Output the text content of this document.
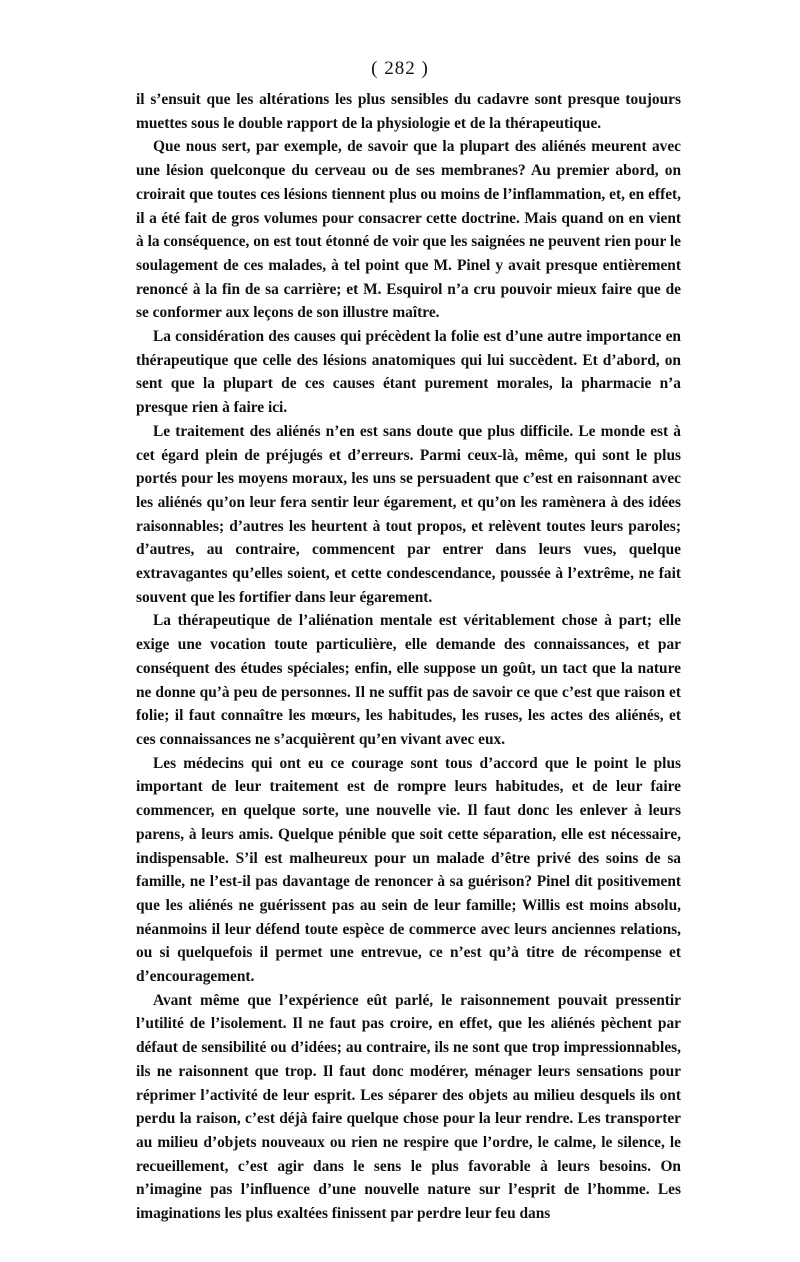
( 282 )

il s’ensuit que les altérations les plus sensibles du cadavre sont presque toujours muettes sous le double rapport de la physiologie et de la thérapeutique.

Que nous sert, par exemple, de savoir que la plupart des aliénés meurent avec une lésion quelconque du cerveau ou de ses membranes? Au premier abord, on croirait que toutes ces lésions tiennent plus ou moins de l’inflammation, et, en effet, il a été fait de gros volumes pour consacrer cette doctrine. Mais quand on en vient à la conséquence, on est tout étonné de voir que les saignées ne peuvent rien pour le soulagement de ces malades, à tel point que M. Pinel y avait presque entièrement renoncé à la fin de sa carrière; et M. Esquirol n’a cru pouvoir mieux faire que de se conformer aux leçons de son illustre maître.

La considération des causes qui précèdent la folie est d’une autre importance en thérapeutique que celle des lésions anatomiques qui lui succèdent. Et d’abord, on sent que la plupart de ces causes étant purement morales, la pharmacie n’a presque rien à faire ici.

Le traitement des aliénés n’en est sans doute que plus difficile. Le monde est à cet égard plein de préjugés et d’erreurs. Parmi ceux-là, même, qui sont le plus portés pour les moyens moraux, les uns se persuadent que c’est en raisonnant avec les aliénés qu’on leur fera sentir leur égarement, et qu’on les ramènera à des idées raisonnables; d’autres les heurtent à tout propos, et relèvent toutes leurs paroles; d’autres, au contraire, commencent par entrer dans leurs vues, quelque extravagantes qu’elles soient, et cette condescendance, poussée à l’extrême, ne fait souvent que les fortifier dans leur égarement.

La thérapeutique de l’aliénation mentale est véritablement chose à part; elle exige une vocation toute particulière, elle demande des connaissances, et par conséquent des études spéciales; enfin, elle suppose un goût, un tact que la nature ne donne qu’à peu de personnes. Il ne suffit pas de savoir ce que c’est que raison et folie; il faut connaître les mœurs, les habitudes, les ruses, les actes des aliénés, et ces connaissances ne s’acquièrent qu’en vivant avec eux.

Les médecins qui ont eu ce courage sont tous d’accord que le point le plus important de leur traitement est de rompre leurs habitudes, et de leur faire commencer, en quelque sorte, une nouvelle vie. Il faut donc les enlever à leurs parens, à leurs amis. Quelque pénible que soit cette séparation, elle est nécessaire, indispensable. S’il est malheureux pour un malade d’être privé des soins de sa famille, ne l’est-il pas davantage de renoncer à sa guérison? Pinel dit positivement que les aliénés ne guérissent pas au sein de leur famille; Willis est moins absolu, néanmoins il leur défend toute espèce de commerce avec leurs anciennes relations, ou si quelquefois il permet une entrevue, ce n’est qu’à titre de récompense et d’encouragement.

Avant même que l’expérience eût parlé, le raisonnement pouvait pressentir l’utilité de l’isolement. Il ne faut pas croire, en effet, que les aliénés pèchent par défaut de sensibilité ou d’idées; au contraire, ils ne sont que trop impressionnables, ils ne raisonnent que trop. Il faut donc modérer, ménager leurs sensations pour réprimer l’activité de leur esprit. Les séparer des objets au milieu desquels ils ont perdu la raison, c’est déjà faire quelque chose pour la leur rendre. Les transporter au milieu d’objets nouveaux ou rien ne respire que l’ordre, le calme, le silence, le recueillement, c’est agir dans le sens le plus favorable à leurs besoins. On n’imagine pas l’influence d’une nouvelle nature sur l’esprit de l’homme. Les imaginations les plus exaltées finissent par perdre leur feu dans
